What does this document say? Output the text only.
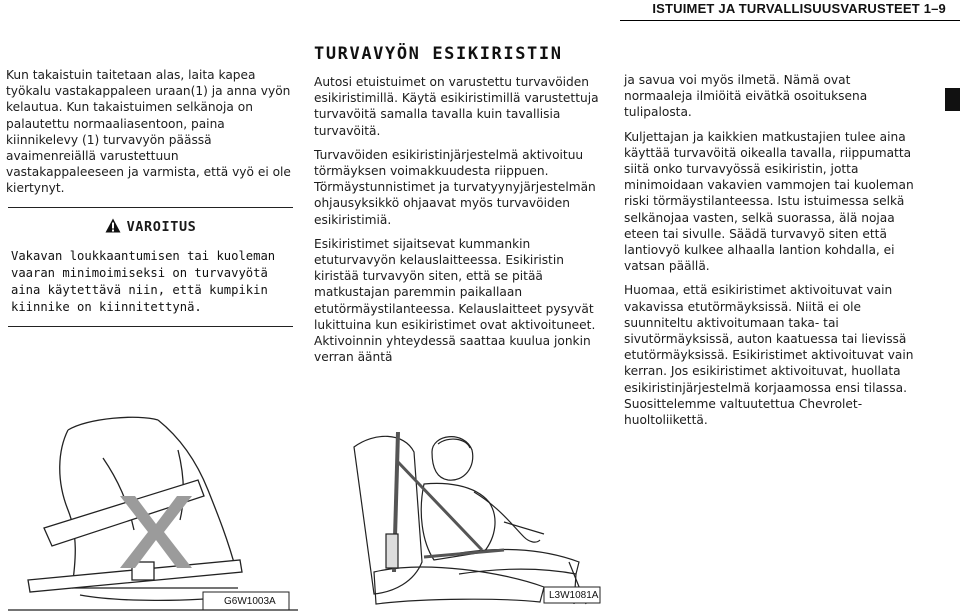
ISTUIMET JA TURVALLISUUSVARUSTEET 1–9

Kun takaistuin taitetaan alas, laita kapea työkalu vastakappaleen uraan(1) ja anna vyön kelautua. Kun takaistuimen selkänoja on palautettu normaaliasentoon, paina kiinnikelevy (1) turvavyön päässä avaimenreiällä varustettuun vastakappaleeseen ja varmista, että vyö ei ole kiertynyt.

VAROITUS
Vakavan loukkaantumisen tai kuoleman vaaran minimoimiseksi on turvavyötä aina käytettävä niin, että kumpikin kiinnike on kiinnitettynä.
G6W1003A
TURVAVYÖN ESIKIRISTIN

Autosi etuistuimet on varustettu turvavöiden esikiristimillä. Käytä esikiristimillä varustettuja turvavöitä samalla tavalla kuin tavallisia turvavöitä.

Turvavöiden esikiristinjärjestelmä aktivoituu törmäyksen voimakkuudesta riippuen. Törmäystunnistimet ja turvatyynyjärjestelmän ohjausyksikkö ohjaavat myös turvavöiden esikiristimiä.

Esikiristimet sijaitsevat kummankin etuturvavyön kelauslaitteessa. Esikiristin kiristää turvavyön siten, että se pitää matkustajan paremmin paikallaan etutörmäystilanteessa. Kelauslaitteet pysyvät lukittuina kun esikiristimet ovat aktivoituneet. Aktivoinnin yhteydessä saattaa kuulua jonkin verran ääntä

L3W1081A

ja savua voi myös ilmetä. Nämä ovat normaaleja ilmiöitä eivätkä osoituksena tulipalosta.

Kuljettajan ja kaikkien matkustajien tulee aina käyttää turvavöitä oikealla tavalla, riippumatta siitä onko turvavyössä esikiristin, jotta minimoidaan vakavien vammojen tai kuoleman riski törmäystilanteessa. Istu istuimessa selkä selkänojaa vasten, selkä suorassa, älä nojaa eteen tai sivulle. Säädä turvavyö siten että lantiovyö kulkee alhaalla lantion kohdalla, ei vatsan päällä.

Huomaa, että esikiristimet aktivoituvat vain vakavissa etutörmäyksissä. Niitä ei ole suunniteltu aktivoitumaan taka- tai sivutörmäyksissä, auton kaatuessa tai lievissä etutörmäyksissä. Esikiristimet aktivoituvat vain kerran. Jos esikiristimet aktivoituvat, huollata esikiristinjärjestelmä korjaamossa ensi tilassa. Suosittelemme valtuutettua Chevrolet-huoltoliikettä.
